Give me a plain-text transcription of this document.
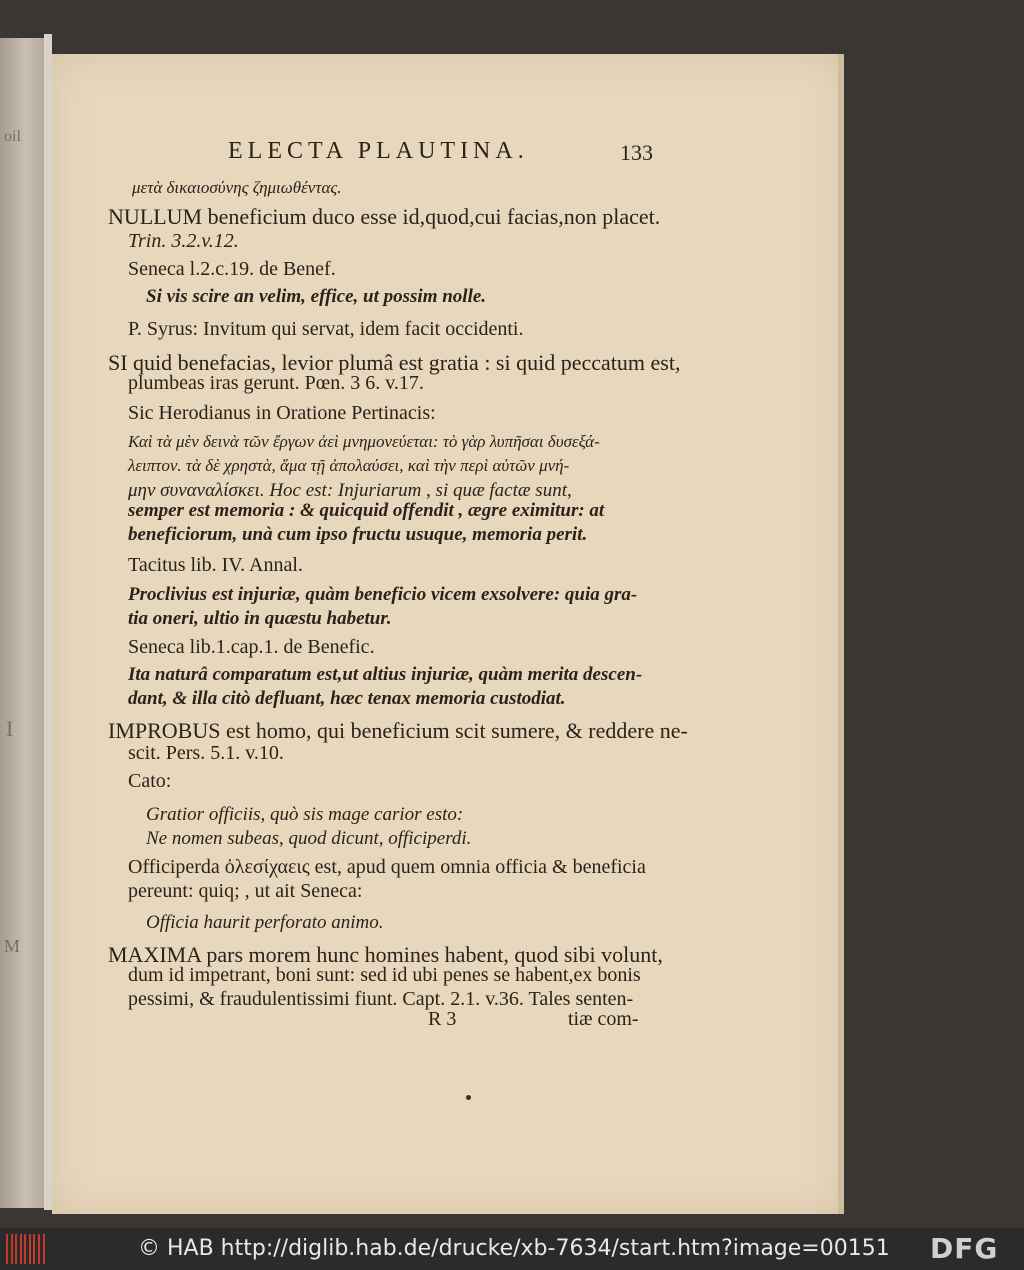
oil
I
M
ELECTA PLAUTINA.	133
μετὰ δικαιοσύνης ζημιωθέντας.
NULLUM beneficium duco esse id,quod,cui facias,non placet.
Trin. 3.2.v.12.
Seneca l.2.c.19. de Benef.
Si vis scire an velim, effice, ut possim nolle.
P. Syrus: Invitum qui servat, idem facit occidenti.
SI quid benefacias, levior plumâ est gratia : si quid peccatum est,
plumbeas iras gerunt. Pœn. 3 6. v.17.
Sic Herodianus in Oratione Pertinacis:
Καὶ τὰ μὲν δεινὰ τῶν ἔργων ἀεὶ μνημονεύεται: τὸ γὰρ λυπῆσαι δυσεξά-
λειπτον. τὰ δὲ χρηστὰ, ἅμα τῇ ἀπολαύσει, καὶ τὴν περὶ αὐτῶν μνή-
μην συναναλίσκει. Hoc est: Injuriarum , si quæ factæ sunt,
semper est memoria : & quicquid offendit , ægre eximitur: at
beneficiorum, unà cum ipso fructu usuque, memoria perit.
Tacitus lib. IV. Annal.
Proclivius est injuriæ, quàm beneficio vicem exsolvere: quia gra-
tia oneri, ultio in quæstu habetur.
Seneca lib.1.cap.1. de Benefic.
Ita naturâ comparatum est,ut altius injuriæ, quàm merita descen-
dant, & illa citò defluant, hæc tenax memoria custodiat.
IMPROBUS est homo, qui beneficium scit sumere, & reddere ne-
scit. Pers. 5.1. v.10.
Cato:
Gratior officiis, quò sis mage carior esto:
Ne nomen subeas, quod dicunt, officiperdi.
Officiperda ὀλεσίχαεις est, apud quem omnia officia & beneficia
pereunt: quiq; , ut ait Seneca:
Officia haurit perforato animo.
MAXIMA pars morem hunc homines habent, quod sibi volunt,
dum id impetrant, boni sunt: sed id ubi penes se habent,ex bonis
pessimi, & fraudulentissimi fiunt. Capt. 2.1. v.36. Tales senten-
R 3	tiæ com-
© HAB http://diglib.hab.de/drucke/xb-7634/start.htm?image=00151 DFG
